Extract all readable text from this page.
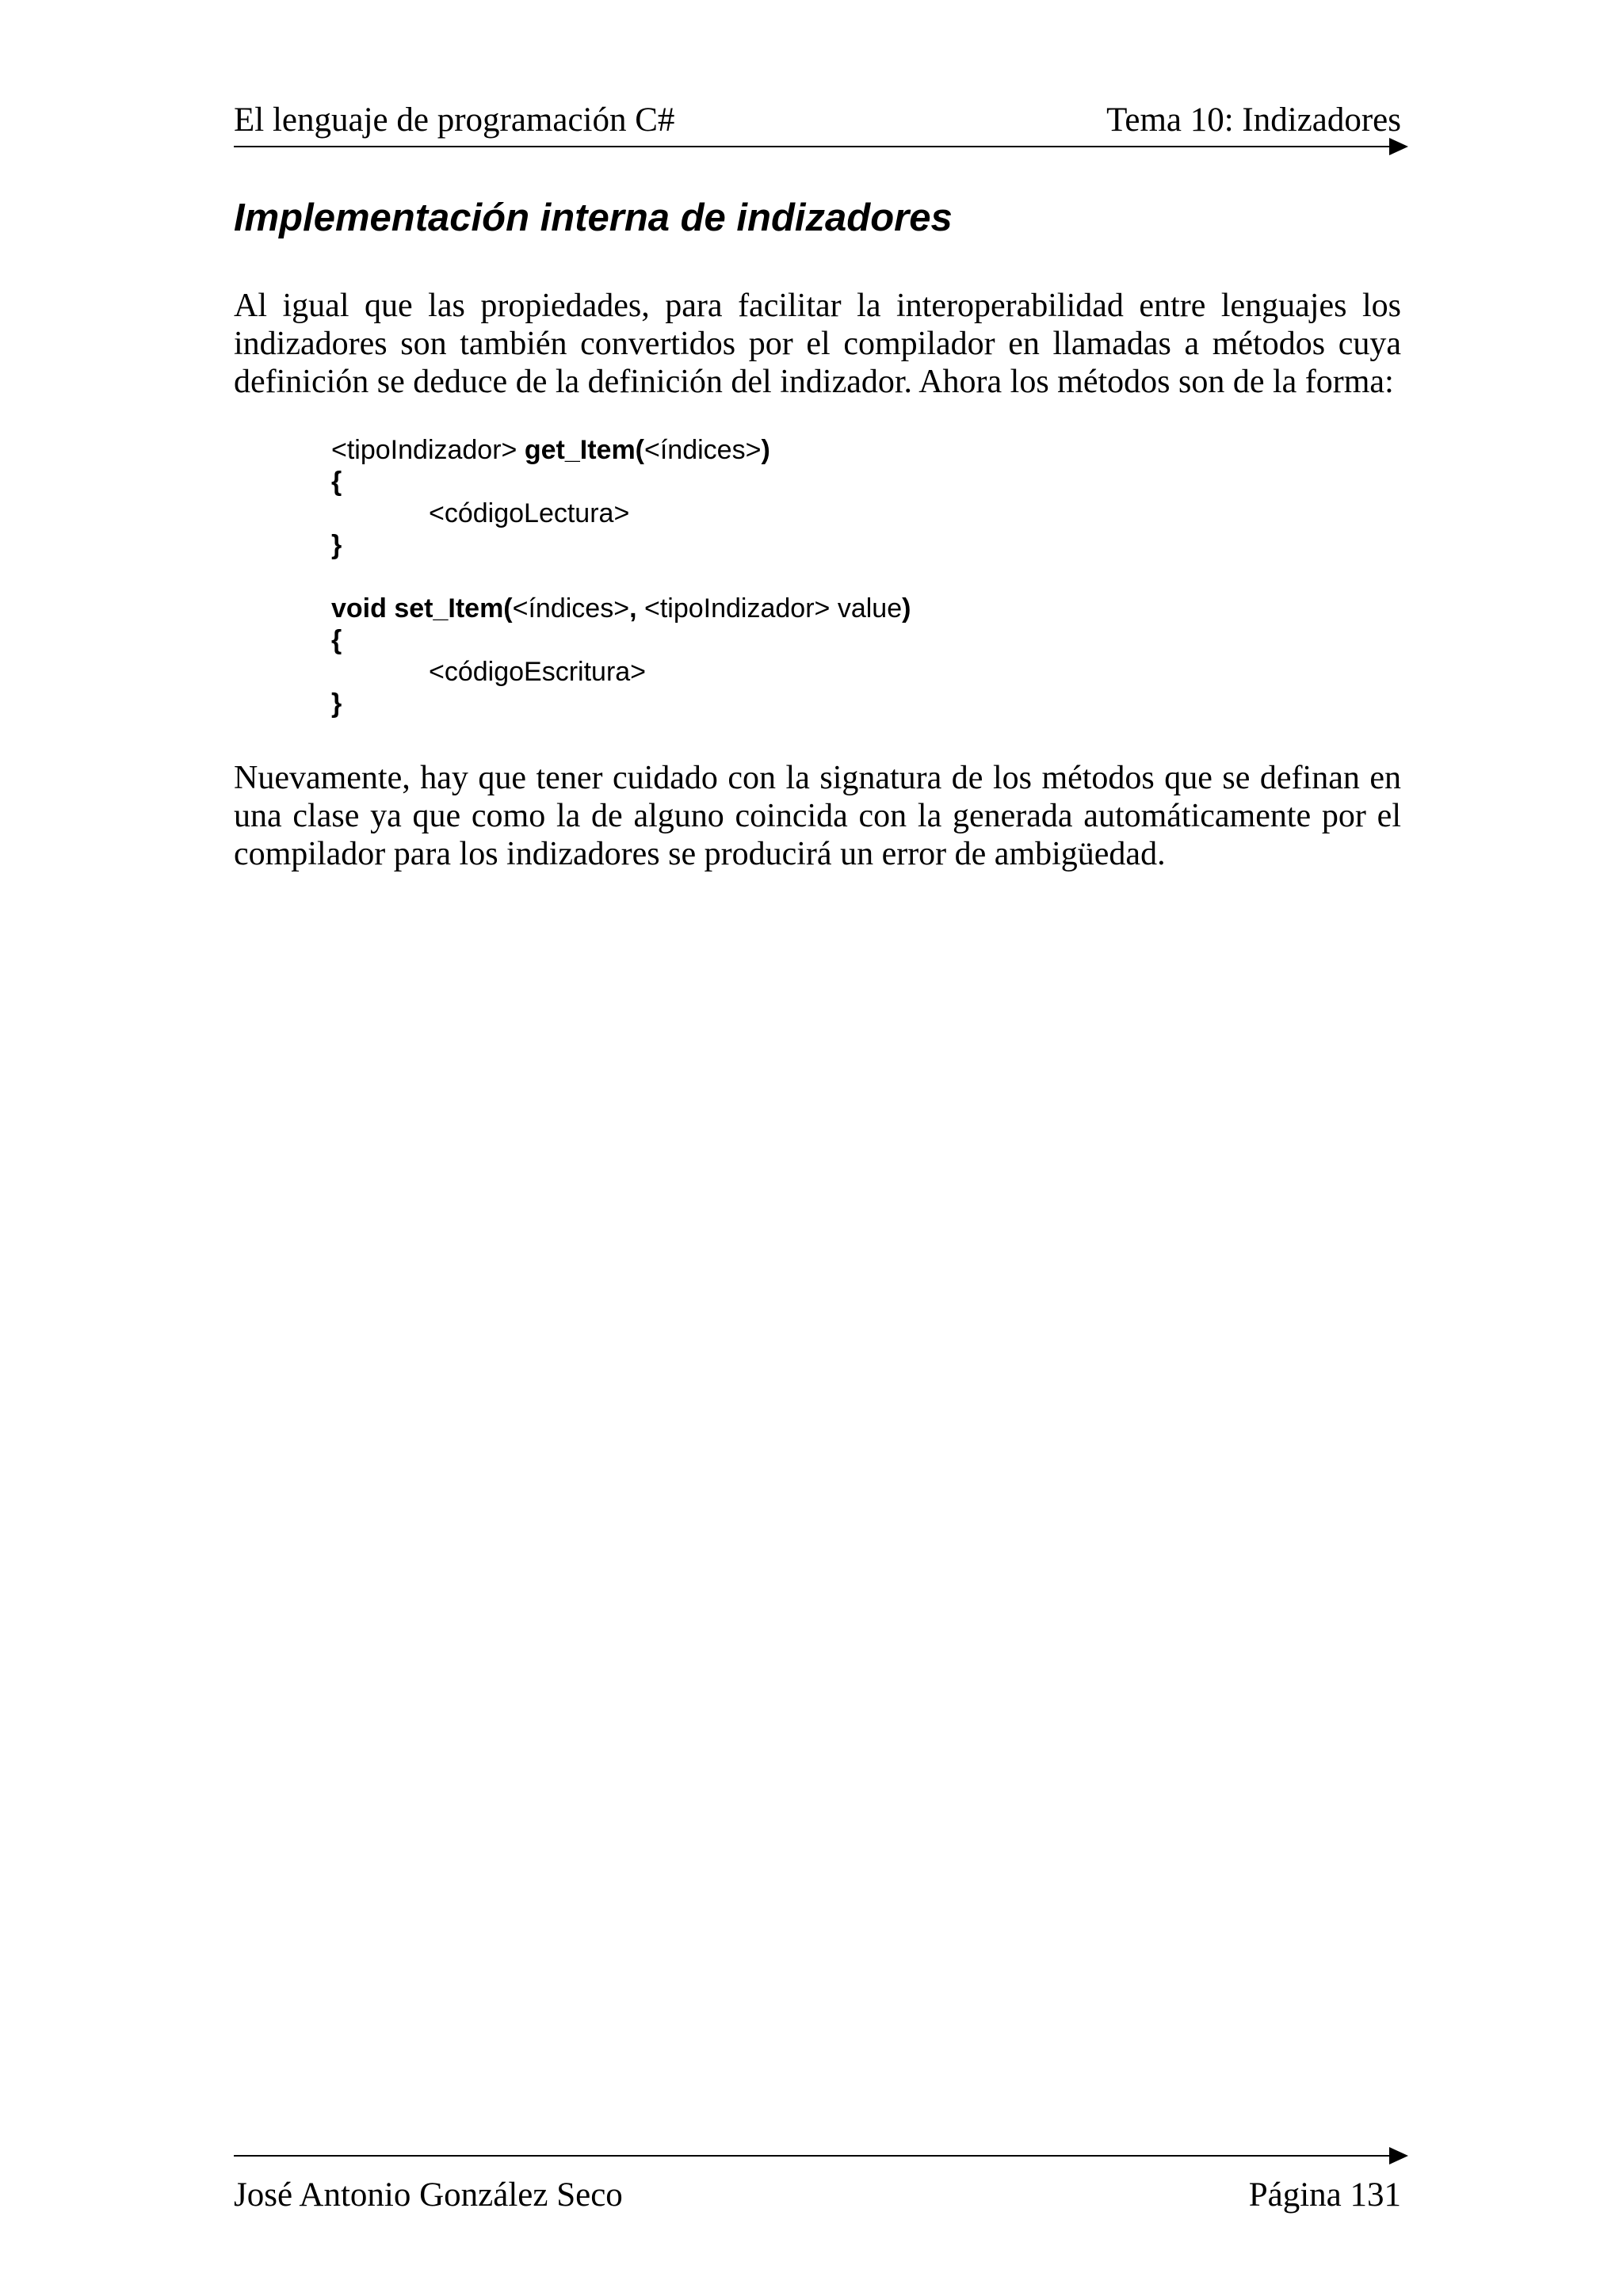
El lenguaje de programación C#	Tema 10: Indizadores
Implementación interna de indizadores

Al igual que las propiedades, para facilitar la interoperabilidad entre lenguajes los indizadores son también convertidos por el compilador en llamadas a métodos cuya definición se deduce de la definición del indizador. Ahora los métodos son de la forma:

<tipoIndizador> get_Item(<índices>)
{
<códigoLectura>
}
void set_Item(<índices>, <tipoIndizador> value)
{
<códigoEscritura>
}

Nuevamente, hay que tener cuidado con la signatura de los métodos que se definan en una clase ya que como la de alguno coincida con la generada automáticamente por el compilador para los indizadores se producirá un error de ambigüedad.

José Antonio González Seco	Página 131
